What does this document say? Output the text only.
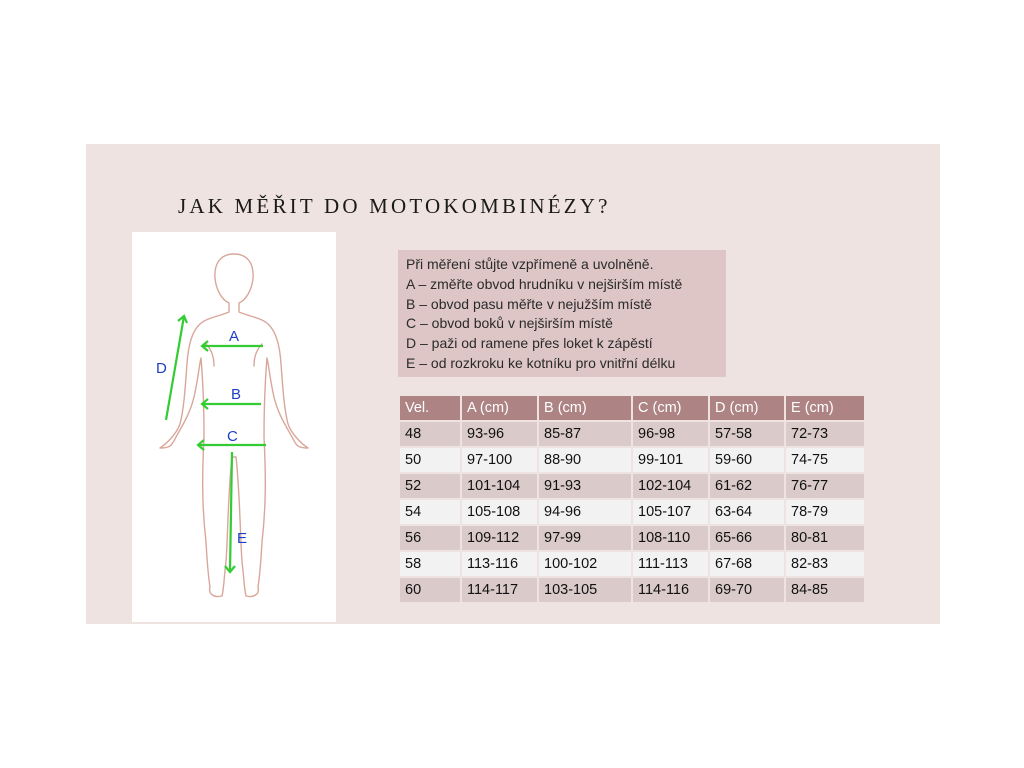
JAK MĚŘIT DO MOTOKOMBINÉZY?
A
B
C
D
E
Při měření stůjte vzpřímeně a uvolněně.
A – změřte obvod hrudníku v nejširším místě
B – obvod pasu měřte v nejužším místě
C – obvod boků v nejširším místě
D – paži od ramene přes loket k zápěstí
E – od rozkroku ke kotníku pro vnitřní délku
Vel.	A (cm)	B (cm)	C (cm)	D (cm)	E (cm)
48	93-96	85-87	96-98	57-58	72-73
50	97-100	88-90	99-101	59-60	74-75
52	101-104	91-93	102-104	61-62	76-77
54	105-108	94-96	105-107	63-64	78-79
56	109-112	97-99	108-110	65-66	80-81
58	113-116	100-102	111-113	67-68	82-83
60	114-117	103-105	114-116	69-70	84-85
